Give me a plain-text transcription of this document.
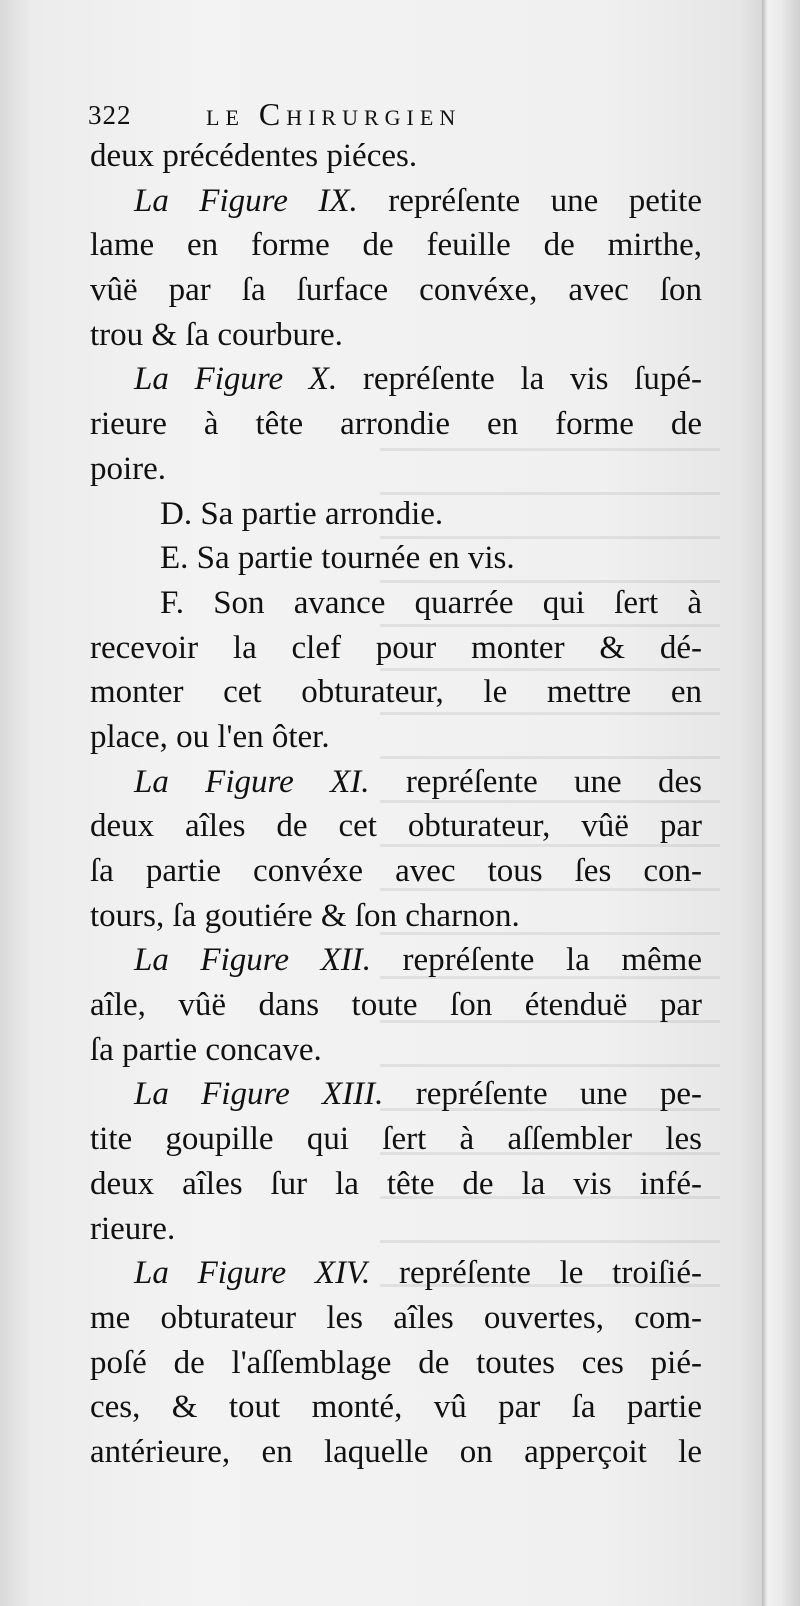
322 le Chirurgien
deux précédentes piéces.
La Figure IX. repréſente une petite
lame en forme de feuille de mirthe,
vûë par ſa ſurface convéxe, avec ſon
trou & ſa courbure.
La Figure X. repréſente la vis ſupé-
rieure à tête arrondie en forme de
poire.
D. Sa partie arrondie.
E. Sa partie tournée en vis.
F. Son avance quarrée qui ſert à
recevoir la clef pour monter & dé-
monter cet obturateur, le mettre en
place, ou l'en ôter.
La Figure XI. repréſente une des
deux aîles de cet obturateur, vûë par
ſa partie convéxe avec tous ſes con-
tours, ſa goutiére & ſon charnon.
La Figure XII. repréſente la même
aîle, vûë dans toute ſon étenduë par
ſa partie concave.
La Figure XIII. repréſente une pe-
tite goupille qui ſert à aſſembler les
deux aîles ſur la tête de la vis infé-
rieure.
La Figure XIV. repréſente le troiſié-
me obturateur les aîles ouvertes, com-
poſé de l'aſſemblage de toutes ces pié-
ces, & tout monté, vû par ſa partie
antérieure, en laquelle on apperçoit le
